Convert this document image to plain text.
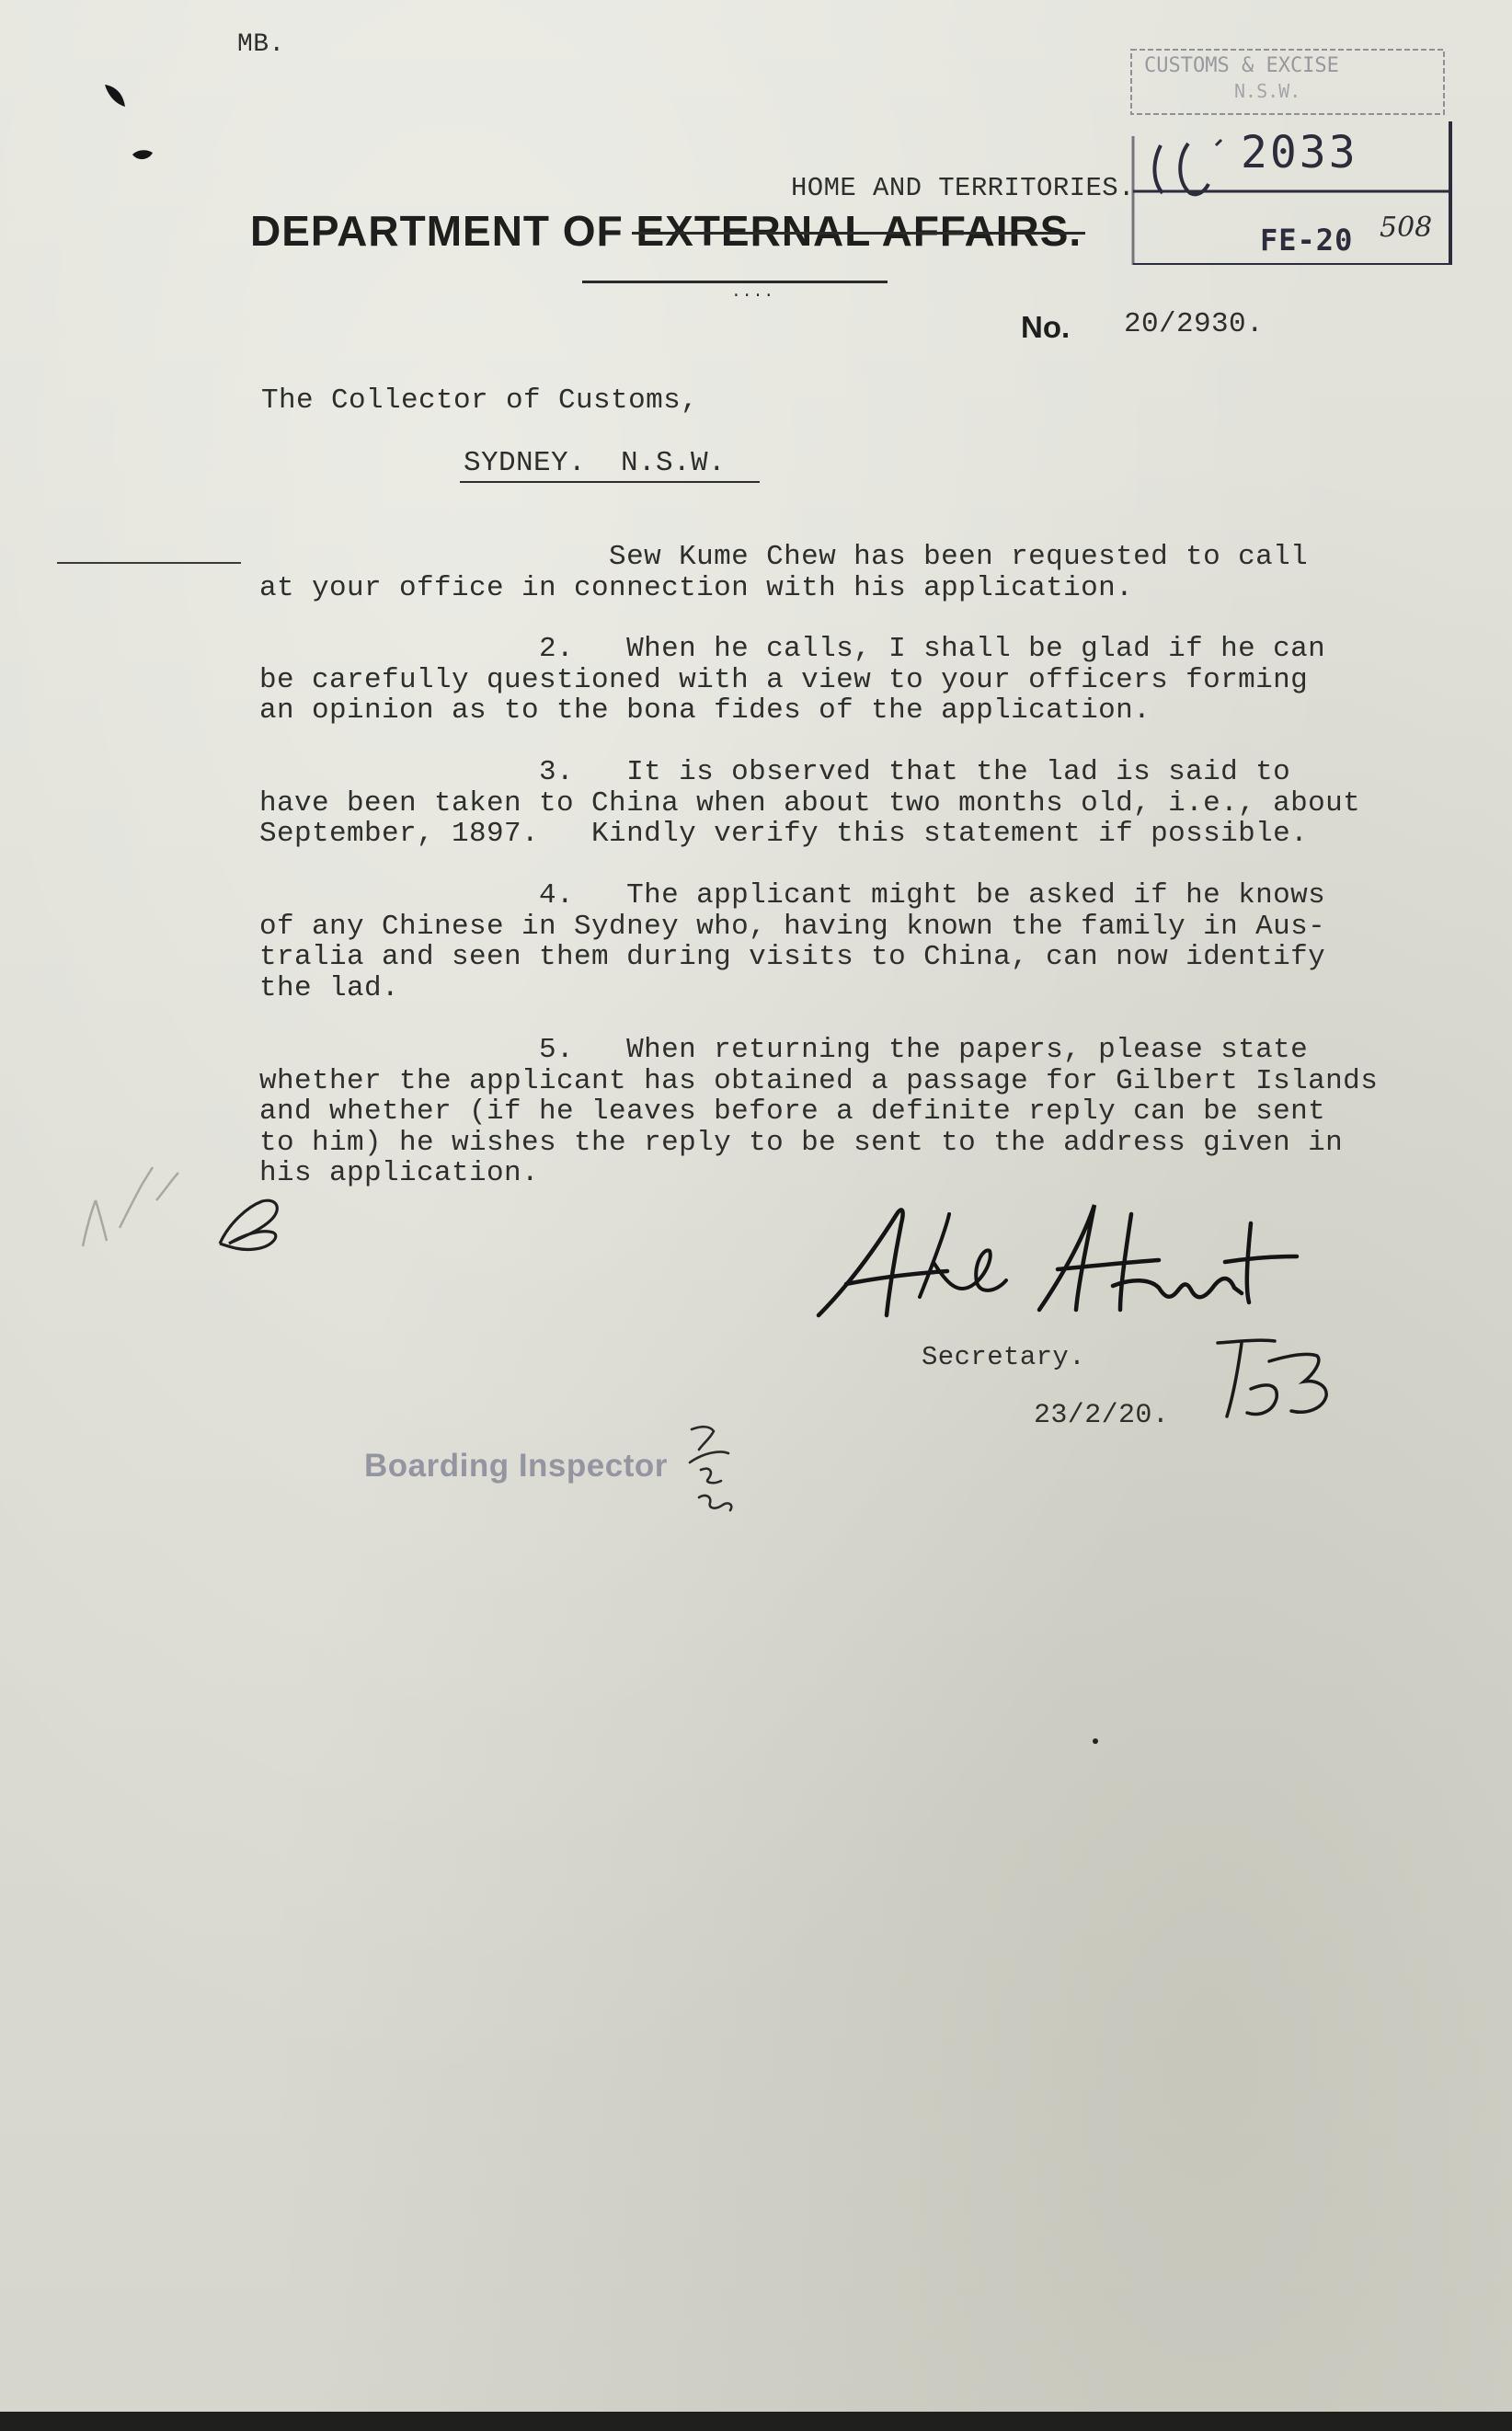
MB.
HOME AND TERRITORIES.
DEPARTMENT OF EXTERNAL AFFAIRS.
....
No. 20/2930.
CUSTOMS & EXCISE
N.S.W.
2033
FE-20 508
The Collector of Customs,
SYDNEY.  N.S.W.
Sew Kume Chew has been requested to call
at your office in connection with his application.
2.   When he calls, I shall be glad if he can
be carefully questioned with a view to your officers forming
an opinion as to the bona fides of the application.
3.   It is observed that the lad is said to
have been taken to China when about two months old, i.e., about
September, 1897.   Kindly verify this statement if possible.
4.   The applicant might be asked if he knows
of any Chinese in Sydney who, having known the family in Aus-
tralia and seen them during visits to China, can now identify
the lad.
5.   When returning the papers, please state
whether the applicant has obtained a passage for Gilbert Islands
and whether (if he leaves before a definite reply can be sent
to him) he wishes the reply to be sent to the address given in
his application.
Secretary.
23/2/20.
Boarding Inspector
